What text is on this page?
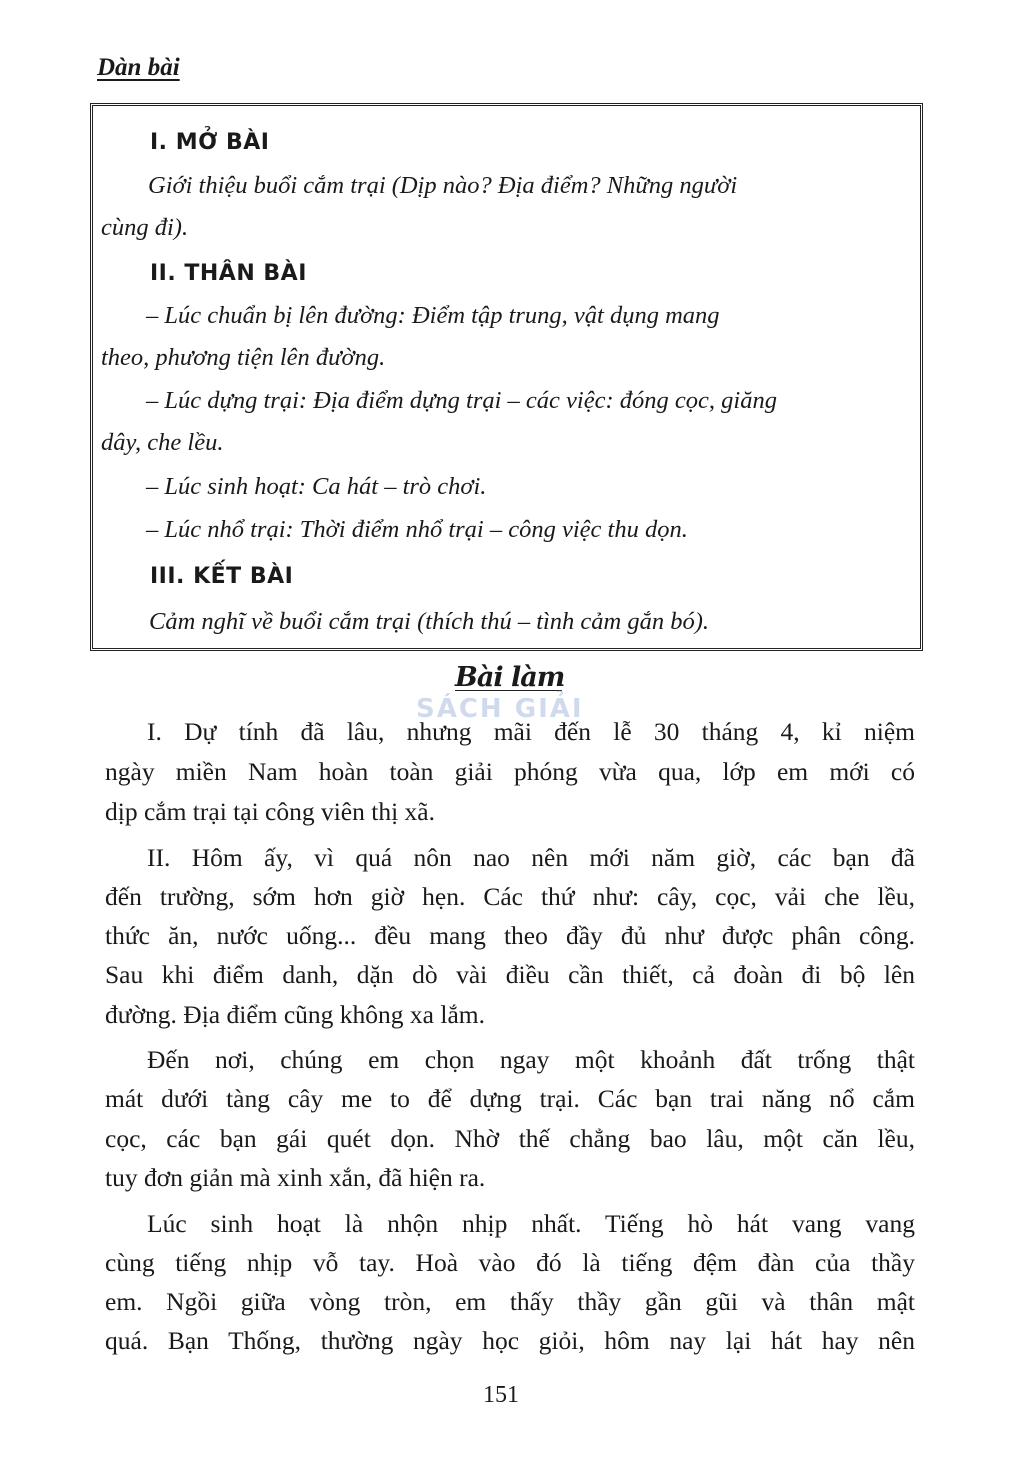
Dàn bài
I. MỞ BÀI
Giới thiệu buổi cắm trại (Dịp nào? Địa điểm? Những người
cùng đi).
II. THÂN BÀI
– Lúc chuẩn bị lên đường: Điểm tập trung, vật dụng mang
theo, phương tiện lên đường.
– Lúc dựng trại: Địa điểm dựng trại – các việc: đóng cọc, giăng
dây, che lều.
– Lúc sinh hoạt: Ca hát – trò chơi.
– Lúc nhổ trại: Thời điểm nhổ trại – công việc thu dọn.
III. KẾT BÀI
Cảm nghĩ về buổi cắm trại (thích thú – tình cảm gắn bó).
Bài làm
SÁCH GIẢI
I. Dự tính đã lâu, nhưng mãi đến lễ 30 tháng 4, kỉ niệm
ngày miền Nam hoàn toàn giải phóng vừa qua, lớp em mới có
dịp cắm trại tại công viên thị xã.
II. Hôm ấy, vì quá nôn nao nên mới năm giờ, các bạn đã
đến trường, sớm hơn giờ hẹn. Các thứ như: cây, cọc, vải che lều,
thức ăn, nước uống... đều mang theo đầy đủ như được phân công.
Sau khi điểm danh, dặn dò vài điều cần thiết, cả đoàn đi bộ lên
đường. Địa điểm cũng không xa lắm.
Đến nơi, chúng em chọn ngay một khoảnh đất trống thật
mát dưới tàng cây me to để dựng trại. Các bạn trai năng nổ cắm
cọc, các bạn gái quét dọn. Nhờ thế chẳng bao lâu, một căn lều,
tuy đơn giản mà xinh xắn, đã hiện ra.
Lúc sinh hoạt là nhộn nhịp nhất. Tiếng hò hát vang vang
cùng tiếng nhịp vỗ tay. Hoà vào đó là tiếng đệm đàn của thầy
em. Ngồi giữa vòng tròn, em thấy thầy gần gũi và thân mật
quá. Bạn Thống, thường ngày học giỏi, hôm nay lại hát hay nên
151
